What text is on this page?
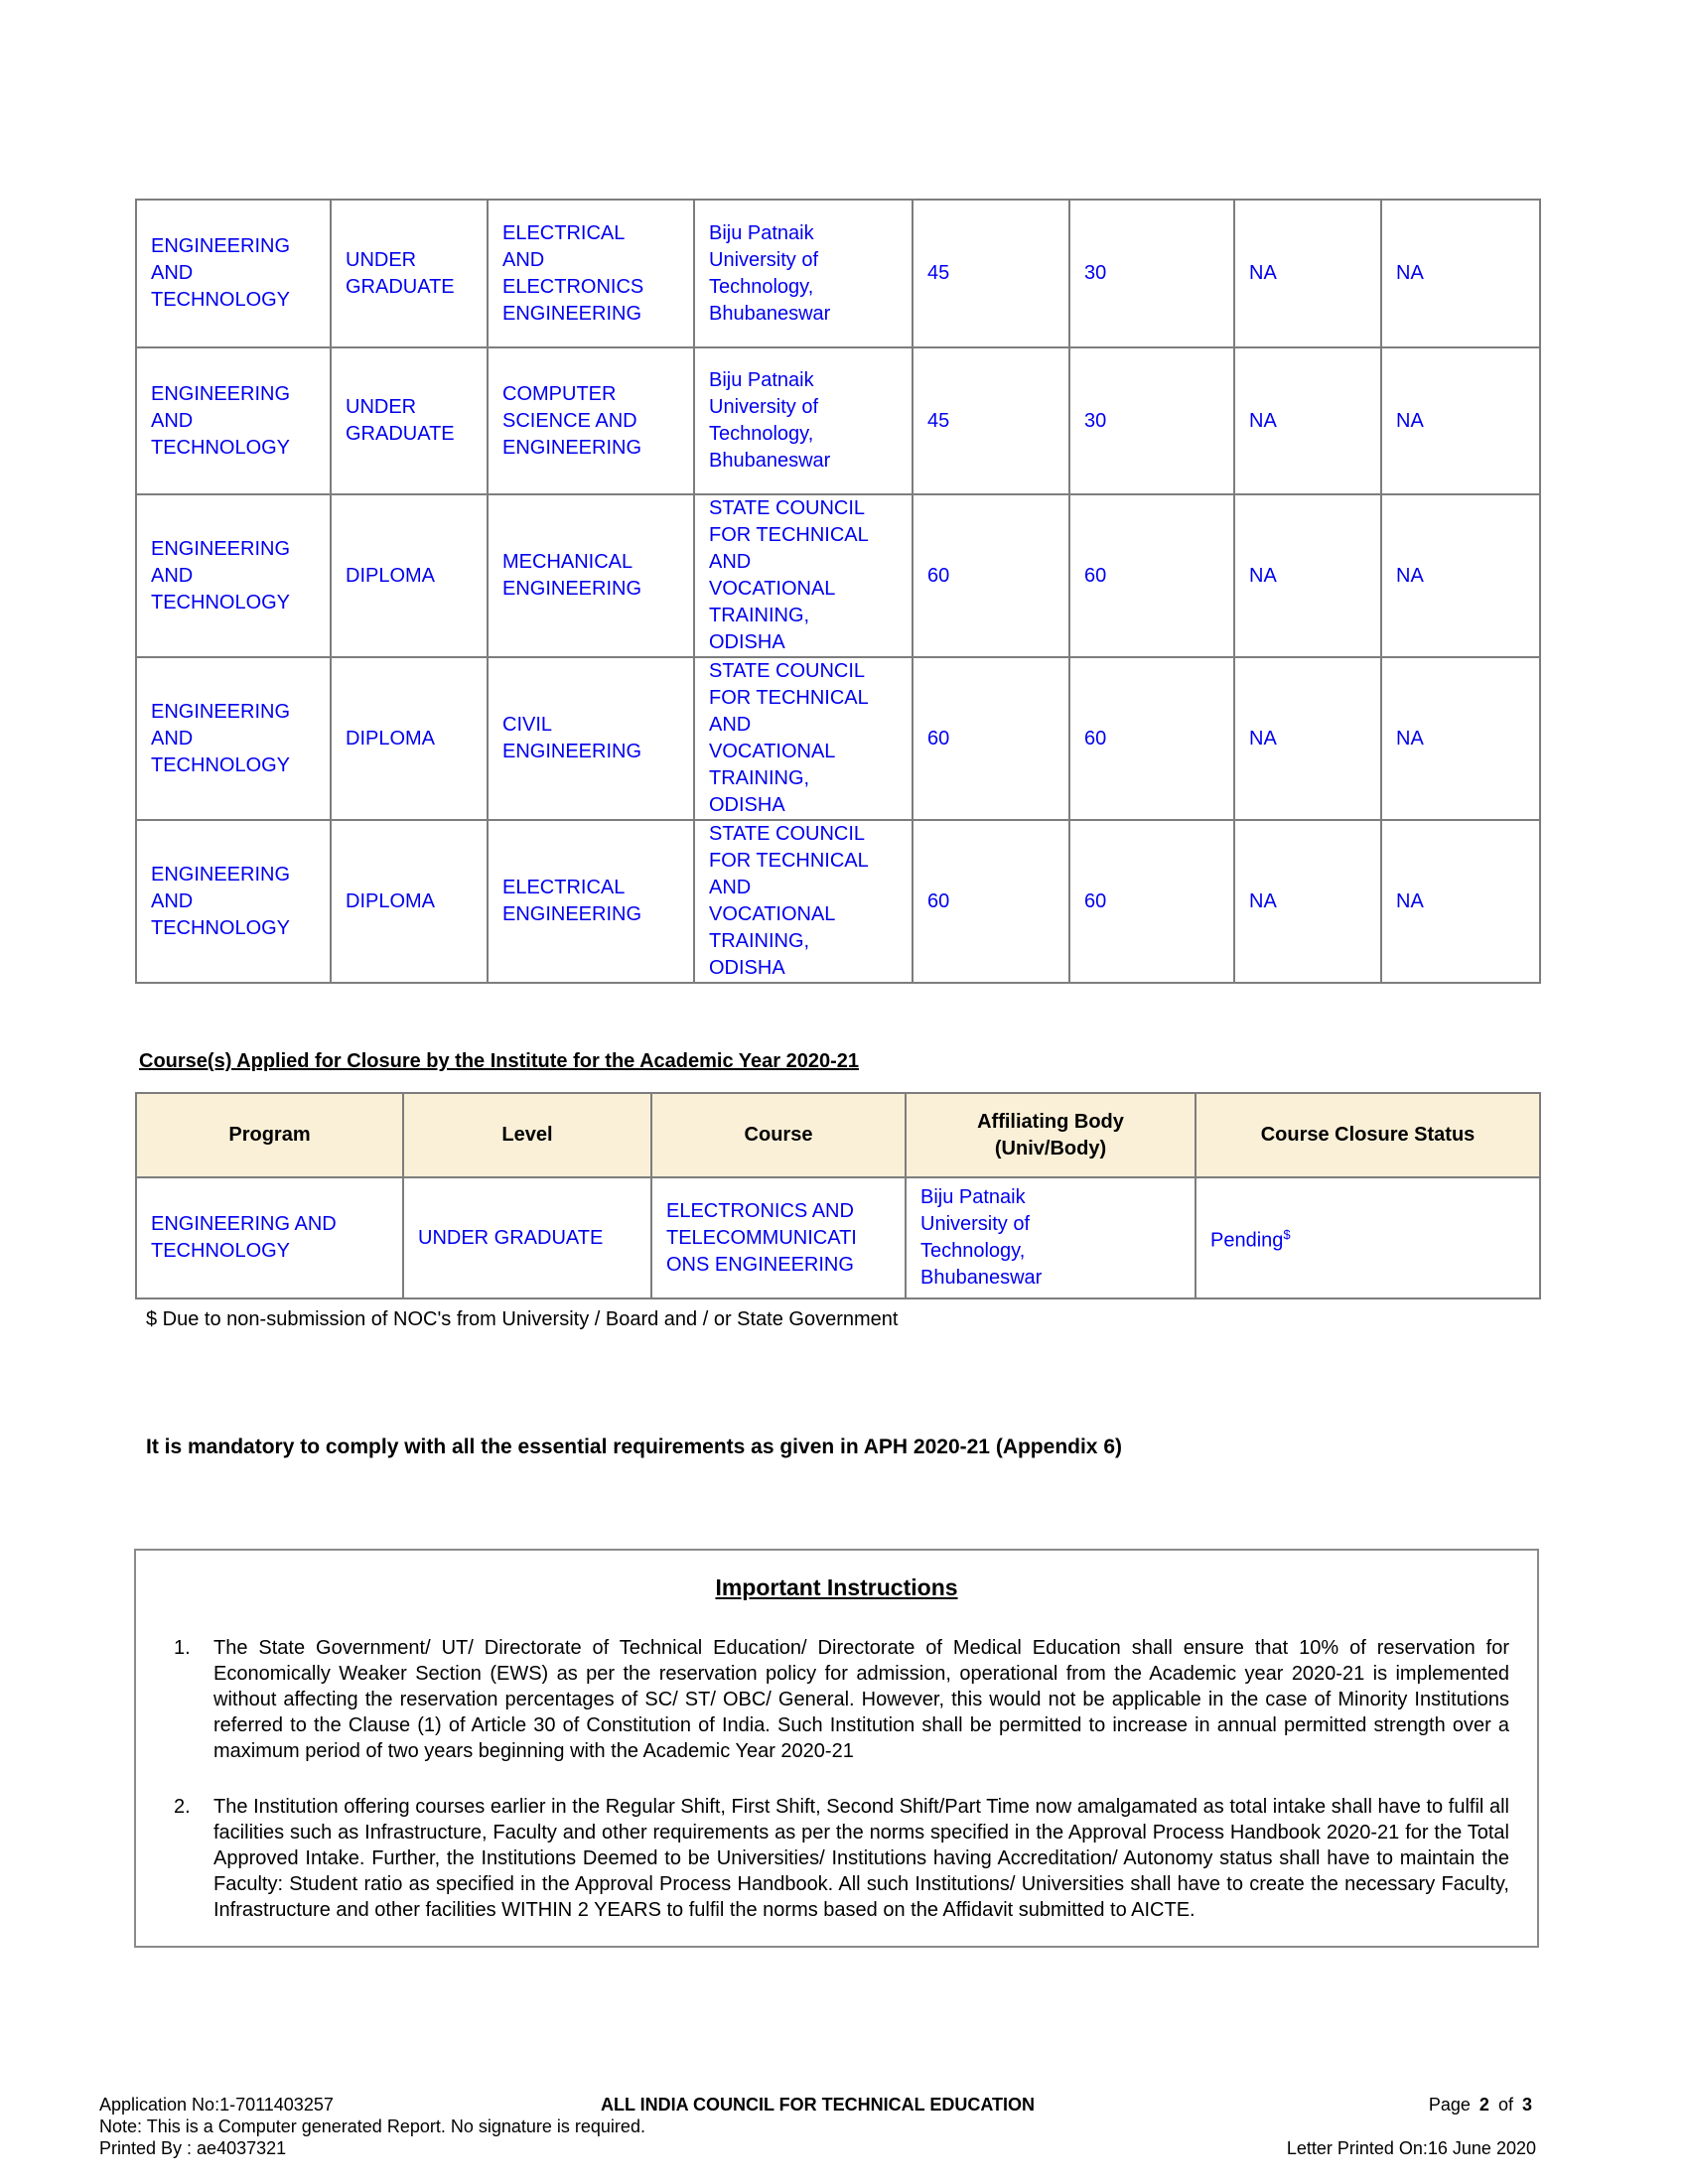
ENGINEERING AND TECHNOLOGY	UNDER GRADUATE	ELECTRICAL AND ELECTRONICS ENGINEERING	Biju Patnaik University of Technology, Bhubaneswar	45	30	NA	NA

ENGINEERING AND TECHNOLOGY	UNDER GRADUATE	COMPUTER SCIENCE AND ENGINEERING	Biju Patnaik University of Technology, Bhubaneswar	45	30	NA	NA

ENGINEERING AND TECHNOLOGY	DIPLOMA	MECHANICAL ENGINEERING	STATE COUNCIL FOR TECHNICAL AND VOCATIONAL TRAINING, ODISHA	60	60	NA	NA

ENGINEERING AND TECHNOLOGY	DIPLOMA	CIVIL ENGINEERING	STATE COUNCIL FOR TECHNICAL AND VOCATIONAL TRAINING, ODISHA	60	60	NA	NA

ENGINEERING AND TECHNOLOGY	DIPLOMA	ELECTRICAL ENGINEERING	STATE COUNCIL FOR TECHNICAL AND VOCATIONAL TRAINING, ODISHA	60	60	NA	NA
Course(s) Applied for Closure by the Institute for the Academic Year 2020-21
Program	Level	Course	Affiliating Body (Univ/Body)	Course Closure Status

ENGINEERING AND TECHNOLOGY	UNDER GRADUATE	ELECTRONICS AND TELECOMMUNICATIONS ENGINEERING	Biju Patnaik University of Technology, Bhubaneswar	Pending$
$ Due to non-submission of NOC's from University / Board and / or State Government
It is mandatory to comply with all the essential requirements as given in APH 2020-21 (Appendix 6)
Important Instructions
1.	The State Government/ UT/ Directorate of Technical Education/ Directorate of Medical Education shall ensure that 10% of reservation for Economically Weaker Section (EWS) as per the reservation policy for admission, operational from the Academic year 2020-21 is implemented without affecting the reservation percentages of SC/ ST/ OBC/ General. However, this would not be applicable in the case of Minority Institutions referred to the Clause (1) of Article 30 of Constitution of India. Such Institution shall be permitted to increase in annual permitted strength over a maximum period of two years beginning with the Academic Year 2020-21
2.	The Institution offering courses earlier in the Regular Shift, First Shift, Second Shift/Part Time now amalgamated as total intake shall have to fulfil all facilities such as Infrastructure, Faculty and other requirements as per the norms specified in the Approval Process Handbook 2020-21 for the Total Approved Intake. Further, the Institutions Deemed to be Universities/ Institutions having Accreditation/ Autonomy status shall have to maintain the Faculty: Student ratio as specified in the Approval Process Handbook. All such Institutions/ Universities shall have to create the necessary Faculty, Infrastructure and other facilities WITHIN 2 YEARS to fulfil the norms based on the Affidavit submitted to AICTE.
Application No:1-7011403257	ALL INDIA COUNCIL FOR TECHNICAL EDUCATION	Page 2 of 3
Note: This is a Computer generated Report. No signature is required.
Printed By : ae4037321	Letter Printed On:16 June 2020
